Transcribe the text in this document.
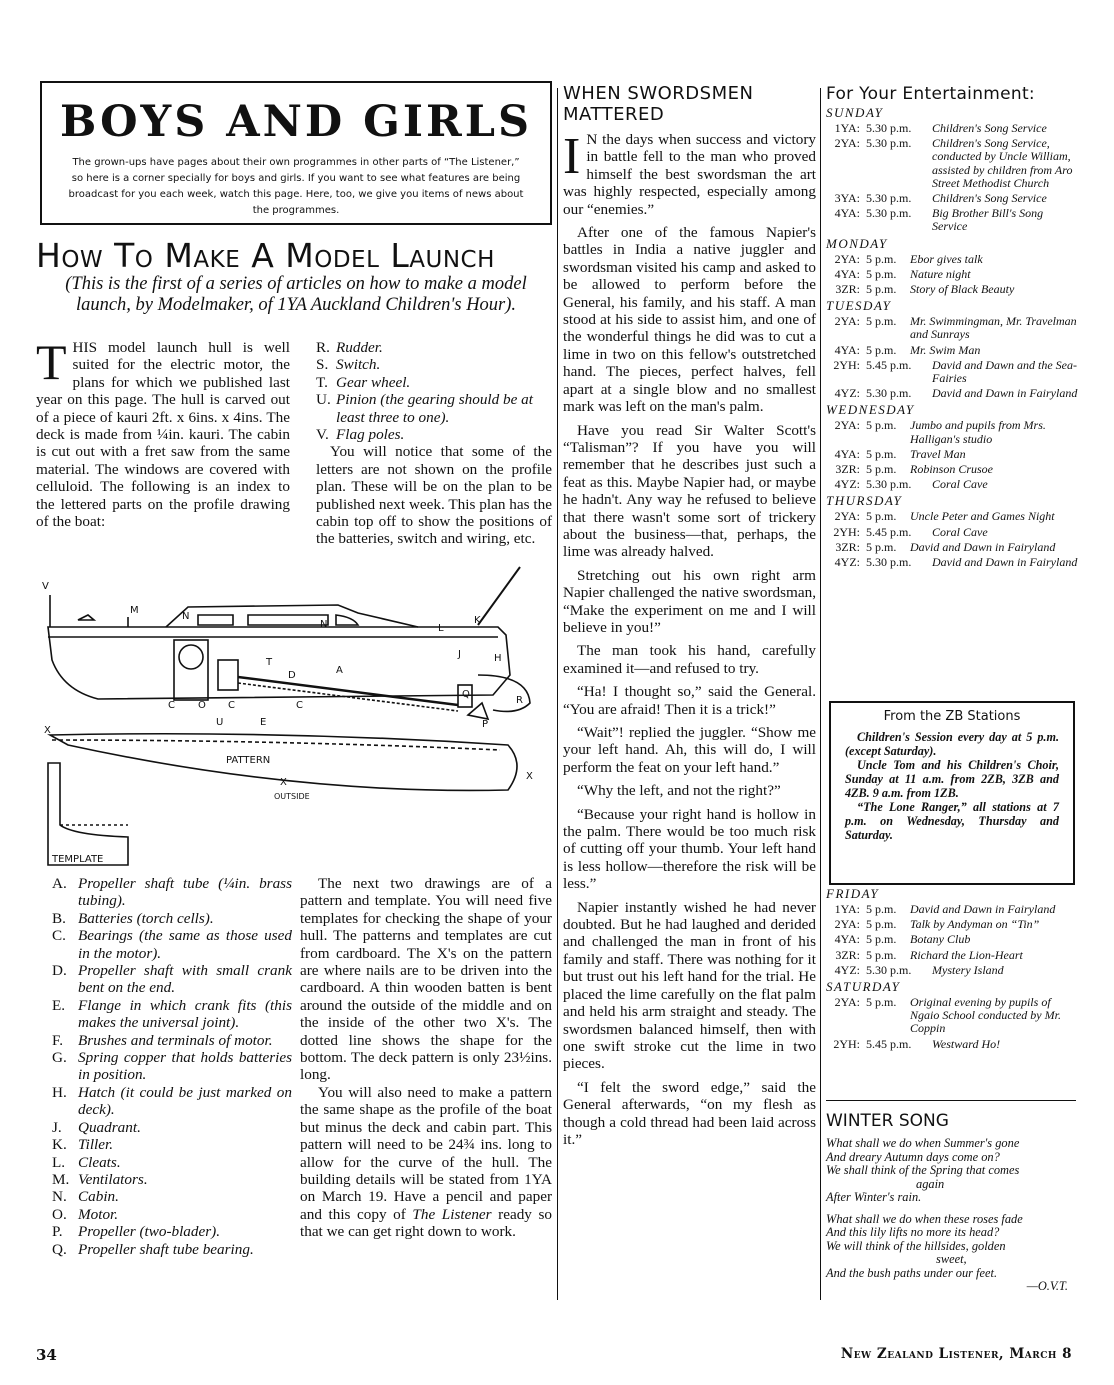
BOYS AND GIRLS
The grown-ups have pages about their own programmes in other parts of “The Listener,” so here is a corner specially for boys and girls. If you want to see what features are being broadcast for you each week, watch this page. Here, too, we give you items of news about the programmes.
How To Make A Model Launch
(This is the first of a series of articles on how to make a model launch, by Modelmaker, of 1YA Auckland Children's Hour).
THIS model launch hull is well suited for the electric motor, the plans for which we published last year on this page. The hull is carved out of a piece of kauri 2ft. x 6ins. x 4ins. The deck is made from ¼in. kauri. The cabin is cut out with a fret saw from the same material. The windows are covered with celluloid. The following is an index to the lettered parts on the profile drawing of the boat:
R. Rudder.
S. Switch.
T. Gear wheel.
U. Pinion (the gearing should be at least three to one).
V. Flag poles.

You will notice that some of the letters are not shown on the profile plan. These will be on the plan to be published next week. This plan has the cabin top off to show the positions of the batteries, switch and wiring, etc.

V
M
N
N	L
K
J	H
T
D	A
Q
R
C O C	C
U	E	P
X
X
X
PATTERN
OUTSIDE
TEMPLATE
A. Propeller shaft tube (¼in. brass tubing).
B. Batteries (torch cells).
C. Bearings (the same as those used in the motor).
D. Propeller shaft with small crank bent on the end.
E. Flange in which crank fits (this makes the universal joint).
F. Brushes and terminals of motor.
G. Spring copper that holds batteries in position.
H. Hatch (it could be just marked on deck).
J.	Quadrant.
K. Tiller.
L. Cleats.
M. Ventilators.
N. Cabin.
O. Motor.
P.	Propeller (two-blader).
Q. Propeller shaft tube bearing.

The next two drawings are of a pattern and template. You will need five templates for checking the shape of your hull. The patterns and templates are cut from cardboard. The X's on the pattern are where nails are to be driven into the cardboard. A thin wooden batten is bent around the outside of the middle and on the inside of the other two X's. The dotted line shows the shape for the bottom. The deck pattern is only 23½ins. long.

You will also need to make a pattern the same shape as the profile of the boat but minus the deck and cabin part. This pattern will need to be 24¾ ins. long to allow for the curve of the hull. The building details will be stated from 1YA on March 19. Have a pencil and paper and this copy of The Listener ready so that we can get right down to work.

WHEN SWORDSMEN MATTERED

I N the days when success and victory in battle fell to the man who proved himself the best swordsman the art was highly respected, especially among our “enemies.”

After one of the famous Napier's battles in India a native juggler and swordsman visited his camp and asked to be allowed to perform before the General, his family, and his staff. A man stood at his side to assist him, and one of the wonderful things he did was to cut a lime in two on this fellow's outstretched hand. The pieces, perfect halves, fell apart at a single blow and no smallest mark was left on the man's palm.

Have you read Sir Walter Scott's “Talisman”? If you have you will remember that he describes just such a feat as this. Maybe Napier had, or maybe he hadn't. Any way he refused to believe that there wasn't some sort of trickery about the business—that, perhaps, the lime was already halved.

Stretching out his own right arm Napier challenged the native swordsman, “Make the experiment on me and I will believe in you!”

The man took his hand, carefully examined it—and refused to try.

“Ha! I thought so,” said the General. “You are afraid! Then it is a trick!”

“Wait”! replied the juggler. “Show me your left hand. Ah, this will do, I will perform the feat on your left hand.”

“Why the left, and not the right?”

“Because your right hand is hollow in the palm. There would be too much risk of cutting off your thumb. Your left hand is less hollow—therefore the risk will be less.”

Napier instantly wished he had never doubted. But he had laughed and derided and challenged the man in front of his family and staff. There was nothing for it but trust out his left hand for the trial. He placed the lime carefully on the flat palm and held his arm straight and steady. The swordsmen balanced himself, then with one swift stroke cut the lime in two pieces.

“I felt the sword edge,” said the General afterwards, “on my flesh as though a cold thread had been laid across it.”

For Your Entertainment:
SUNDAY
1YA: 5.30 p.m.	Children's Song Service
2YA: 5.30 p.m.	Children's Song Service, conducted by Uncle William, assisted by children from Aro Street Methodist Church
3YA: 5.30 p.m.	Children's Song Service
4YA: 5.30 p.m.	Big Brother Bill's Song Service
MONDAY
2YA: 5 p.m.	Ebor gives talk
4YA: 5 p.m.	Nature night
3ZR: 5 p.m.	Story of Black Beauty
TUESDAY
2YA: 5 p.m.	Mr. Swimmingman, Mr. Travelman and Sunrays
4YA: 5 p.m.	Mr. Swim Man
2YH: 5.45 p.m.	David and Dawn and the Sea-Fairies
4YZ: 5.30 p.m.	David and Dawn in Fairyland
WEDNESDAY
2YA: 5 p.m.	Jumbo and pupils from Mrs. Halligan's studio
4YA: 5 p.m.	Travel Man
3ZR: 5 p.m.	Robinson Crusoe
4YZ: 5.30 p.m.	Coral Cave
THURSDAY
2YA: 5 p.m.	Uncle Peter and Games Night
2YH: 5.45 p.m.	Coral Cave
3ZR: 5 p.m.	David and Dawn in Fairyland
4YZ: 5.30 p.m.	David and Dawn in Fairyland
From the ZB Stations

Children's Session every day at 5 p.m. (except Saturday).

Uncle Tom and his Children's Choir, Sunday at 11 a.m. from 2ZB, 3ZB and 4ZB. 9 a.m. from 1ZB.

“The Lone Ranger,” all stations at 7 p.m. on Wednesday, Thursday and Saturday.

FRIDAY
1YA: 5 p.m.	David and Dawn in Fairyland
2YA: 5 p.m.	Talk by Andyman on “Tin”
4YA: 5 p.m.	Botany Club
3ZR: 5 p.m.	Richard the Lion-Heart
4YZ: 5.30 p.m.	Mystery Island
SATURDAY
2YA: 5 p.m.	Original evening by pupils of Ngaio School conducted by Mr. Coppin
2YH: 5.45 p.m.	Westward Ho!
WINTER SONG
What shall we do when Summer's gone
And dreary Autumn days come on?
We shall think of the Spring that comes
again
After Winter's rain.
What shall we do when these roses fade
And this lily lifts no more its head?
We will think of the hillsides, golden
sweet,
And the bush paths under our feet.
—O.V.T.
34	New Zealand Listener, March 8
